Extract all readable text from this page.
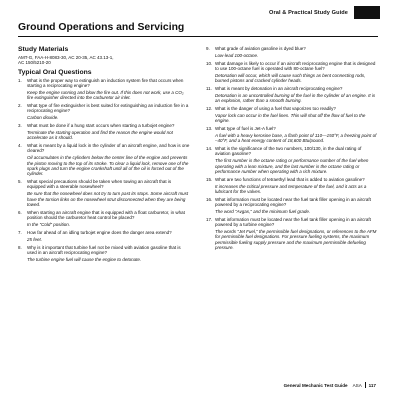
Oral & Practical Study Guide
Ground Operations and Servicing
Study Materials
AMT-G, FAA-H-8083-30, AC 20-35, AC 43.13-1,
AC 150/5210-20
Typical Oral Questions
1.	What is the proper way to extinguish an induction system fire that occurs when starting a reciprocating engine?
Keep the engine running and blow the fire out. If this does not work, use a CO₂ fire extinguisher directed into the carburetor air inlet.
2.	What type of fire extinguisher is best suited for extinguishing an induction fire in a reciprocating engine?
Carbon dioxide.
3.	What must be done if a hung start occurs when starting a turbojet engine?
Terminate the starting operation and find the reason the engine would not accelerate as it should.
4.	What is meant by a liquid lock in the cylinder of an aircraft engine, and how is one cleared?
Oil accumulates in the cylinders below the center line of the engine and prevents the piston moving to the top of its stroke. To clear a liquid lock, remove one of the spark plugs and turn the engine crankshaft until all of the oil is forced out of the cylinder.
5.	What special precautions should be taken when towing an aircraft that is equipped with a steerable nosewheel?
Be sure that the nosewheel does not try to turn past its stops. Some aircraft must have the torsion links on the nosewheel strut disconnected when they are being towed.
6.	When starting an aircraft engine that is equipped with a float carburetor, in what position should the carburetor heat control be placed?
In the "Cold" position.
7.	How far ahead of an idling turbojet engine does the danger area extend?
25 feet.
8.	Why is it important that turbine fuel not be mixed with aviation gasoline that is used in an aircraft reciprocating engine?
The turbine engine fuel will cause the engine to detonate.
9.	What grade of aviation gasoline is dyed blue?
Low-lead 100-octane.
10. What damage is likely to occur if an aircraft reciprocating engine that is designed to use 100-octane fuel is operated with 80-octane fuel?
Detonation will occur, which will cause such things as bent connecting rods, burned pistons and cracked cylinder heads.
11. What is meant by detonation in an aircraft reciprocating engine?
Detonation is an uncontrolled burning of the fuel in the cylinder of an engine. It is an explosion, rather than a smooth burning.
12. What is the danger of using a fuel that vaporizes too readily?
Vapor lock can occur in the fuel lines. This will shut off the flow of fuel to the engine.
13. What type of fuel is Jet-A fuel?
A fuel with a heavy kerosine base, a flash point of 110—150°F, a freezing point of –40°F, and a heat energy content of 18,600 Btu/pound.
14. What is the significance of the two numbers, 100/130, in the dual rating of aviation gasoline?
The first number is the octane rating or performance number of the fuel when operating with a lean mixture, and the last number is the octane rating or performance number when operating with a rich mixture.
15. What are two functions of tetraethyl lead that is added to aviation gasoline?
It increases the critical pressure and temperature of the fuel, and it acts as a lubricant for the valves.
16. What information must be located near the fuel tank filler opening in an aircraft powered by a reciprocating engine?
The word "Avgas," and the minimum fuel grade.
17. What information must be located near the fuel tank filler opening in an aircraft powered by a turbine engine?
The words "Jet Fuel," the permissible fuel designations, or references to the AFM for permissible fuel designations. For pressure fueling systems, the maximum permissible fueling supply pressure and the maximum permissible defueling pressure.
General Mechanic Test Guide ASA 117
